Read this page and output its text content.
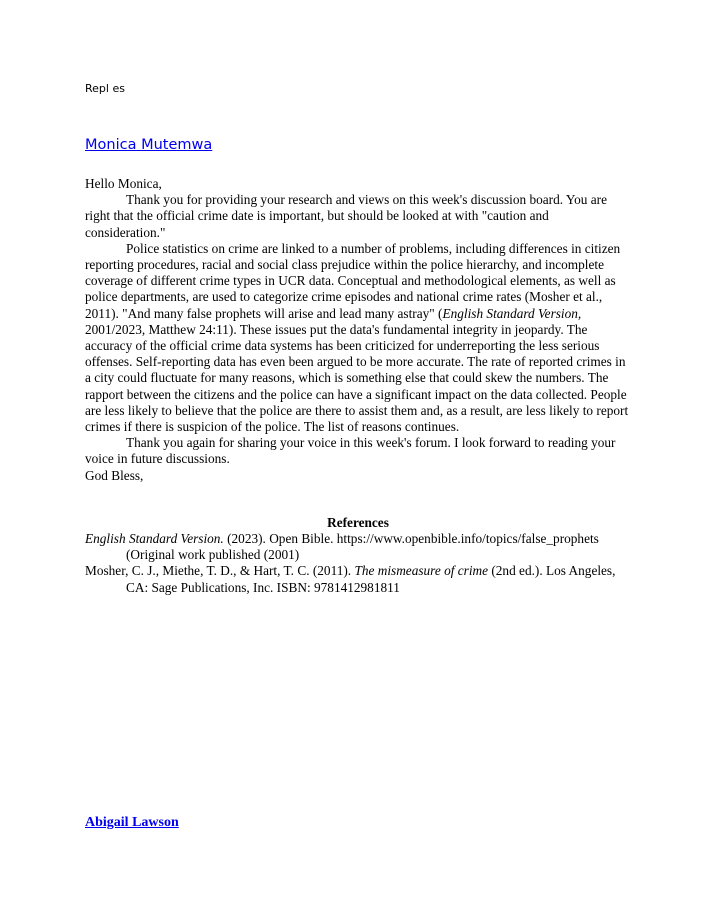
Repl es
Monica Mutemwa

Hello Monica,

Thank you for providing your research and views on this week's discussion board. You are right that the official crime date is important, but should be looked at with "caution and consideration."

Police statistics on crime are linked to a number of problems, including differences in citizen reporting procedures, racial and social class prejudice within the police hierarchy, and incomplete coverage of different crime types in UCR data. Conceptual and methodological elements, as well as police departments, are used to categorize crime episodes and national crime rates (Mosher et al., 2011). "And many false prophets will arise and lead many astray" (English Standard Version, 2001/2023, Matthew 24:11). These issues put the data's fundamental integrity in jeopardy. The accuracy of the official crime data systems has been criticized for underreporting the less serious offenses. Self-reporting data has even been argued to be more accurate. The rate of reported crimes in a city could fluctuate for many reasons, which is something else that could skew the numbers. The rapport between the citizens and the police can have a significant impact on the data collected. People are less likely to believe that the police are there to assist them and, as a result, are less likely to report crimes if there is suspicion of the police. The list of reasons continues.

Thank you again for sharing your voice in this week's forum. I look forward to reading your voice in future discussions.

God Bless,

References

English Standard Version. (2023). Open Bible. https://www.openbible.info/topics/false_prophets (Original work published (2001)

Mosher, C. J., Miethe, T. D., & Hart, T. C. (2011). The mismeasure of crime (2nd ed.). Los Angeles, CA: Sage Publications, Inc. ISBN: 9781412981811

Abigail Lawson
